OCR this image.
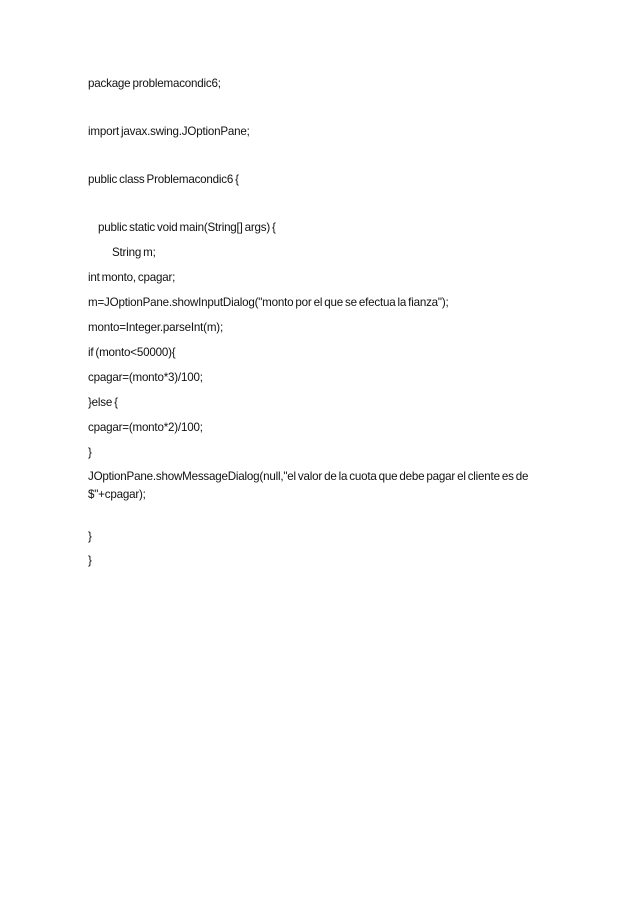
package problemacondic6;
import javax.swing.JOptionPane;
public class Problemacondic6 {
public static void main(String[] args) {
String m;
int monto, cpagar;
m=JOptionPane.showInputDialog("monto por el que se efectua la fianza");
monto=Integer.parseInt(m);
if (monto<50000){
cpagar=(monto*3)/100;
}else {
cpagar=(monto*2)/100;
}
JOptionPane.showMessageDialog(null,"el valor de la cuota que debe pagar el cliente es de
$"+cpagar);
}
}
